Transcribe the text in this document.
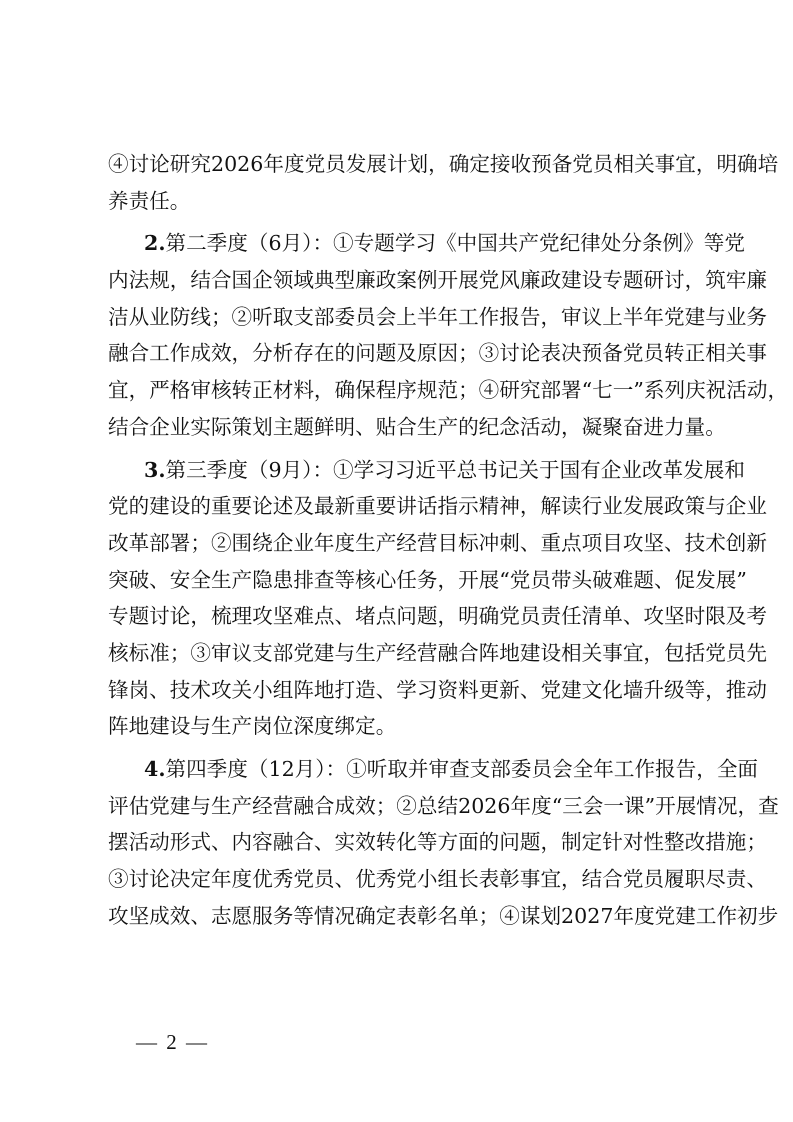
④讨论研究2026年度党员发展计划，确定接收预备党员相关事宜，明确培
养责任。
2.第二季度（6月）：①专题学习《中国共产党纪律处分条例》等党
内法规，结合国企领域典型廉政案例开展党风廉政建设专题研讨，筑牢廉
洁从业防线；②听取支部委员会上半年工作报告，审议上半年党建与业务
融合工作成效，分析存在的问题及原因；③讨论表决预备党员转正相关事
宜，严格审核转正材料，确保程序规范；④研究部署“七一”系列庆祝活动，
结合企业实际策划主题鲜明、贴合生产的纪念活动，凝聚奋进力量。
3.第三季度（9月）：①学习习近平总书记关于国有企业改革发展和
党的建设的重要论述及最新重要讲话指示精神，解读行业发展政策与企业
改革部署；②围绕企业年度生产经营目标冲刺、重点项目攻坚、技术创新
突破、安全生产隐患排查等核心任务，开展“党员带头破难题、促发展”
专题讨论，梳理攻坚难点、堵点问题，明确党员责任清单、攻坚时限及考
核标准；③审议支部党建与生产经营融合阵地建设相关事宜，包括党员先
锋岗、技术攻关小组阵地打造、学习资料更新、党建文化墙升级等，推动
阵地建设与生产岗位深度绑定。
4.第四季度（12月）：①听取并审查支部委员会全年工作报告，全面
评估党建与生产经营融合成效；②总结2026年度“三会一课”开展情况，查
摆活动形式、内容融合、实效转化等方面的问题，制定针对性整改措施；
③讨论决定年度优秀党员、优秀党小组长表彰事宜，结合党员履职尽责、
攻坚成效、志愿服务等情况确定表彰名单；④谋划2027年度党建工作初步
— 2 —
